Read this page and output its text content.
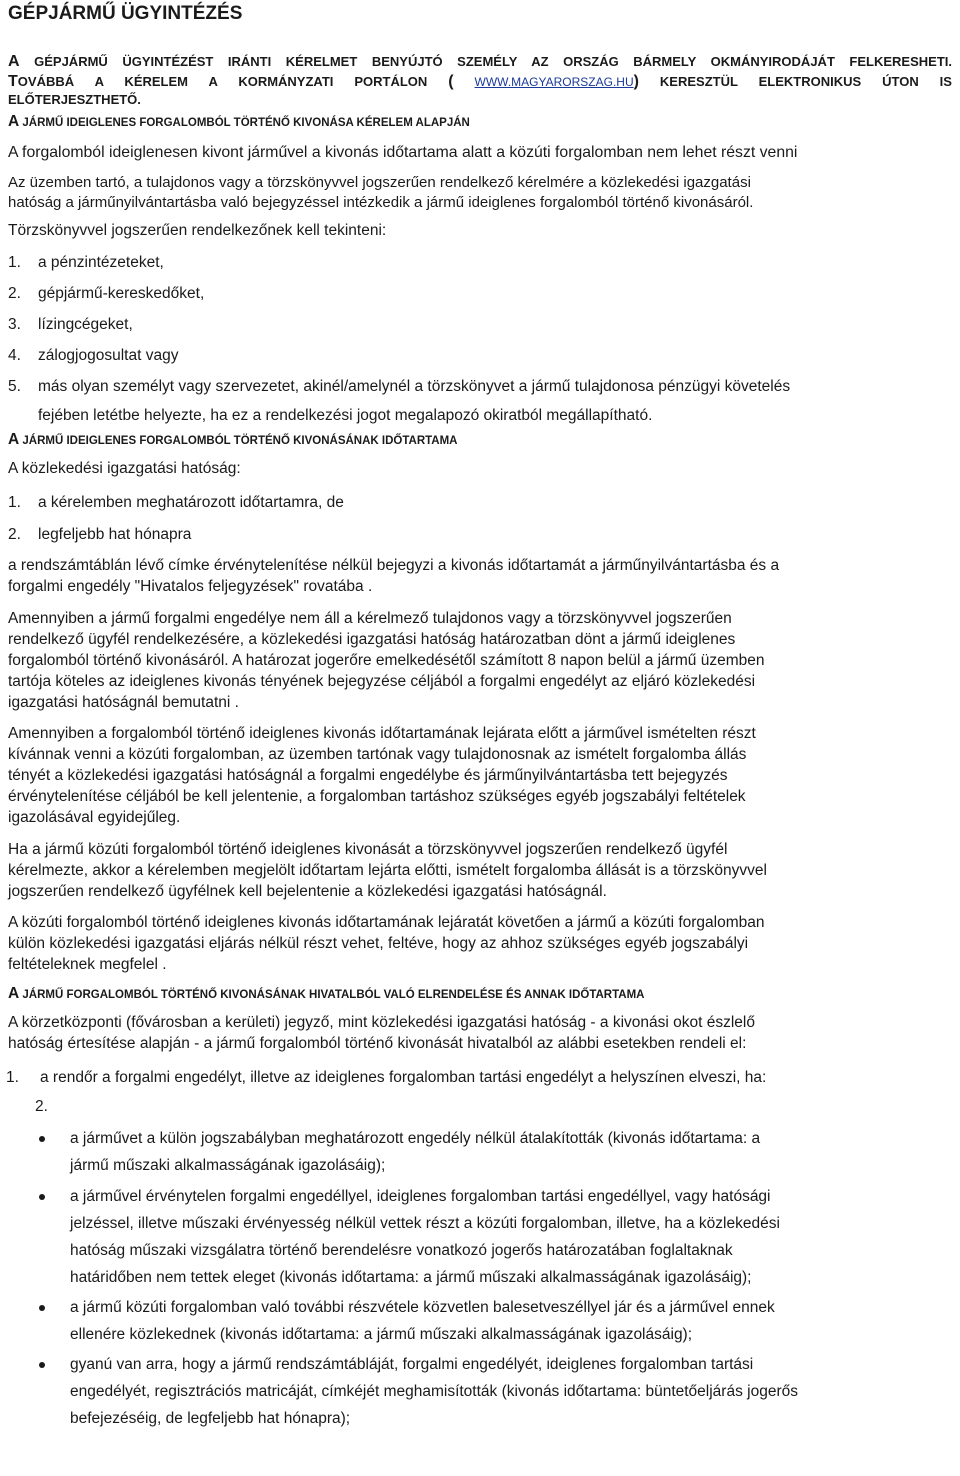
GÉPJÁRMŰ ÜGYINTÉZÉS
A GÉPJÁRMŰ ÜGYINTÉZÉST IRÁNTI KÉRELMET BENYÚJTÓ SZEMÉLY AZ ORSZÁG BÁRMELY OKMÁNYIRODÁJÁT FELKERESHETI.
TOVÁBBÁ A KÉRELEM A KORMÁNYZATI PORTÁLON ( WWW.MAGYARORSZAG.HU) KERESZTÜL ELEKTRONIKUS ÚTON IS
ELŐTERJESZTHETŐ.
A JÁRMŰ IDEIGLENES FORGALOMBÓL TÖRTÉNŐ KIVONÁSA KÉRELEM ALAPJÁN

A forgalomból ideiglenesen kivont járművel a kivonás időtartama alatt a közúti forgalomban nem lehet részt venni

Az üzemben tartó, a tulajdonos vagy a törzskönyvvel jogszerűen rendelkező kérelmére a közlekedési igazgatási

hatóság a járműnyilvántartásba való bejegyzéssel intézkedik a jármű ideiglenes forgalomból történő kivonásáról.

Törzskönyvvel jogszerűen rendelkezőnek kell tekinteni:

1. a pénzintézeteket,
2. gépjármű-kereskedőket,
3. lízingcégeket,
4. zálogjogosultat vagy
5. más olyan személyt vagy szervezetet, akinél/amelynél a törzskönyvet a jármű tulajdonosa pénzügyi követelés
fejében letétbe helyezte, ha ez a rendelkezési jogot megalapozó okiratból megállapítható.
A JÁRMŰ IDEIGLENES FORGALOMBÓL TÖRTÉNŐ KIVONÁSÁNAK IDŐTARTAMA

A közlekedési igazgatási hatóság:

1. a kérelemben meghatározott időtartamra, de
2. legfeljebb hat hónapra

a rendszámtáblán lévő címke érvénytelenítése nélkül bejegyzi a kivonás időtartamát a járműnyilvántartásba és a

forgalmi engedély "Hivatalos feljegyzések" rovatába .

Amennyiben a jármű forgalmi engedélye nem áll a kérelmező tulajdonos vagy a törzskönyvvel jogszerűen

rendelkező ügyfél rendelkezésére, a közlekedési igazgatási hatóság határozatban dönt a jármű ideiglenes

forgalomból történő kivonásáról. A határozat jogerőre emelkedésétől számított 8 napon belül a jármű üzemben

tartója köteles az ideiglenes kivonás tényének bejegyzése céljából a forgalmi engedélyt az eljáró közlekedési

igazgatási hatóságnál bemutatni .

Amennyiben a forgalomból történő ideiglenes kivonás időtartamának lejárata előtt a járművel ismételten részt

kívánnak venni a közúti forgalomban, az üzemben tartónak vagy tulajdonosnak az ismételt forgalomba állás

tényét a közlekedési igazgatási hatóságnál a forgalmi engedélybe és járműnyilvántartásba tett bejegyzés

érvénytelenítése céljából be kell jelentenie, a forgalomban tartáshoz szükséges egyéb jogszabályi feltételek

igazolásával egyidejűleg.

Ha a jármű közúti forgalomból történő ideiglenes kivonását a törzskönyvvel jogszerűen rendelkező ügyfél

kérelmezte, akkor a kérelemben megjelölt időtartam lejárta előtti, ismételt forgalomba állását is a törzskönyvvel

jogszerűen rendelkező ügyfélnek kell bejelentenie a közlekedési igazgatási hatóságnál.

A közúti forgalomból történő ideiglenes kivonás időtartamának lejáratát követően a jármű a közúti forgalomban

külön közlekedési igazgatási eljárás nélkül részt vehet, feltéve, hogy az ahhoz szükséges egyéb jogszabályi

feltételeknek megfelel .

A JÁRMŰ FORGALOMBÓL TÖRTÉNŐ KIVONÁSÁNAK HIVATALBÓL VALÓ ELRENDELÉSE ÉS ANNAK IDŐTARTAMA

A körzetközponti (fővárosban a kerületi) jegyző, mint közlekedési igazgatási hatóság - a kivonási okot észlelő

hatóság értesítése alapján - a jármű forgalomból történő kivonását hivatalból az alábbi esetekben rendeli el:

1. a rendőr a forgalmi engedélyt, illetve az ideiglenes forgalomban tartási engedélyt a helyszínen elveszi, ha:
2.
a járművet a külön jogszabályban meghatározott engedély nélkül átalakították (kivonás időtartama: a
jármű műszaki alkalmasságának igazolásáig);
a járművel érvénytelen forgalmi engedéllyel, ideiglenes forgalomban tartási engedéllyel, vagy hatósági
jelzéssel, illetve műszaki érvényesség nélkül vettek részt a közúti forgalomban, illetve, ha a közlekedési
hatóság műszaki vizsgálatra történő berendelésre vonatkozó jogerős határozatában foglaltaknak
határidőben nem tettek eleget (kivonás időtartama: a jármű műszaki alkalmasságának igazolásáig);
a jármű közúti forgalomban való további részvétele közvetlen balesetveszéllyel jár és a járművel ennek
ellenére közlekednek (kivonás időtartama: a jármű műszaki alkalmasságának igazolásáig);
gyanú van arra, hogy a jármű rendszámtábláját, forgalmi engedélyét, ideiglenes forgalomban tartási
engedélyét, regisztrációs matricáját, címkéjét meghamisították (kivonás időtartama: büntetőeljárás jogerős
befejezéséig, de legfeljebb hat hónapra);
